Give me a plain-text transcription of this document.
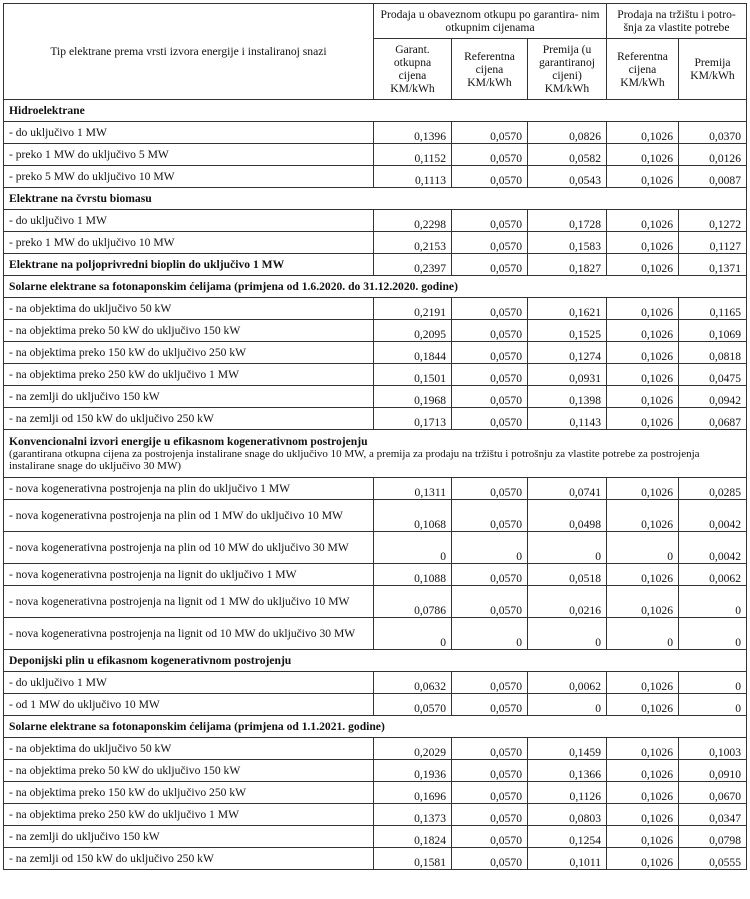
Tip elektrane prema vrsti izvora energije i instaliranoj snazi	Prodaja u obaveznom otkupu po garantira- nim otkupnim cijenama			Prodaja na tržištu i potro- šnja za vlastite potrebe	
	Garant. otkupna cijena KM/kWh	Referentna cijena KM/kWh	Premija (u garantiranoj cijeni) KM/kWh	Referentna cijena KM/kWh	Premija KM/kWh
Hidroelektrane					
- do uključivo 1 MW	0,1396	0,0570	0,0826	0,1026	0,0370
- preko 1 MW do uključivo 5 MW	0,1152	0,0570	0,0582	0,1026	0,0126
- preko 5 MW do uključivo 10 MW	0,1113	0,0570	0,0543	0,1026	0,0087
Elektrane na čvrstu biomasu					
- do uključivo 1 MW	0,2298	0,0570	0,1728	0,1026	0,1272
- preko 1 MW do uključivo 10 MW	0,2153	0,0570	0,1583	0,1026	0,1127
Elektrane na poljoprivredni bioplin do uključivo 1 MW	0,2397	0,0570	0,1827	0,1026	0,1371
Solarne elektrane sa fotonaponskim ćelijama (primjena od 1.6.2020. do 31.12.2020. godine)					
- na objektima do uključivo 50 kW	0,2191	0,0570	0,1621	0,1026	0,1165
- na objektima preko 50 kW do uključivo 150 kW	0,2095	0,0570	0,1525	0,1026	0,1069
- na objektima preko 150 kW do uključivo 250 kW	0,1844	0,0570	0,1274	0,1026	0,0818
- na objektima preko 250 kW do uključivo 1 MW	0,1501	0,0570	0,0931	0,1026	0,0475
- na zemlji do uključivo 150 kW	0,1968	0,0570	0,1398	0,1026	0,0942
- na zemlji od 150 kW do uključivo 250 kW	0,1713	0,0570	0,1143	0,1026	0,0687
Konvencionalni izvori energije u efikasnom kogenerativnom postrojenju
(garantirana otkupna cijena za postrojenja instalirane snage do uključivo 10 MW, a premija za prodaju na tržištu i potrošnju za vlastite potrebe za postrojenja instalirane snage do uključivo 30 MW)					

- nova kogenerativna postrojenja na plin do uključivo 1 MW	0,1311	0,0570	0,0741	0,1026	0,0285
- nova kogenerativna postrojenja na plin od 1 MW do uključivo 10 MW	0,1068	0,0570	0,0498	0,1026	0,0042
- nova kogenerativna postrojenja na plin od 10 MW do uključivo 30 MW	0	0	0	0	0,0042
- nova kogenerativna postrojenja na lignit do uključivo 1 MW	0,1088	0,0570	0,0518	0,1026	0,0062
- nova kogenerativna postrojenja na lignit od 1 MW do uključivo 10 MW	0,0786	0,0570	0,0216	0,1026	0
- nova kogenerativna postrojenja na lignit od 10 MW do uključivo 30 MW	0	0	0	0	0
Deponijski plin u efikasnom kogenerativnom postrojenju					
- do uključivo 1 MW	0,0632	0,0570	0,0062	0,1026	0
- od 1 MW do uključivo 10 MW	0,0570	0,0570	0	0,1026	0
Solarne elektrane sa fotonaponskim ćelijama (primjena od 1.1.2021. godine)					
- na objektima do uključivo 50 kW	0,2029	0,0570	0,1459	0,1026	0,1003
- na objektima preko 50 kW do uključivo 150 kW	0,1936	0,0570	0,1366	0,1026	0,0910
- na objektima preko 150 kW do uključivo 250 kW	0,1696	0,0570	0,1126	0,1026	0,0670
- na objektima preko 250 kW do uključivo 1 MW	0,1373	0,0570	0,0803	0,1026	0,0347
- na zemlji do uključivo 150 kW	0,1824	0,0570	0,1254	0,1026	0,0798
- na zemlji od 150 kW do uključivo 250 kW	0,1581	0,0570	0,1011	0,1026	0,0555
